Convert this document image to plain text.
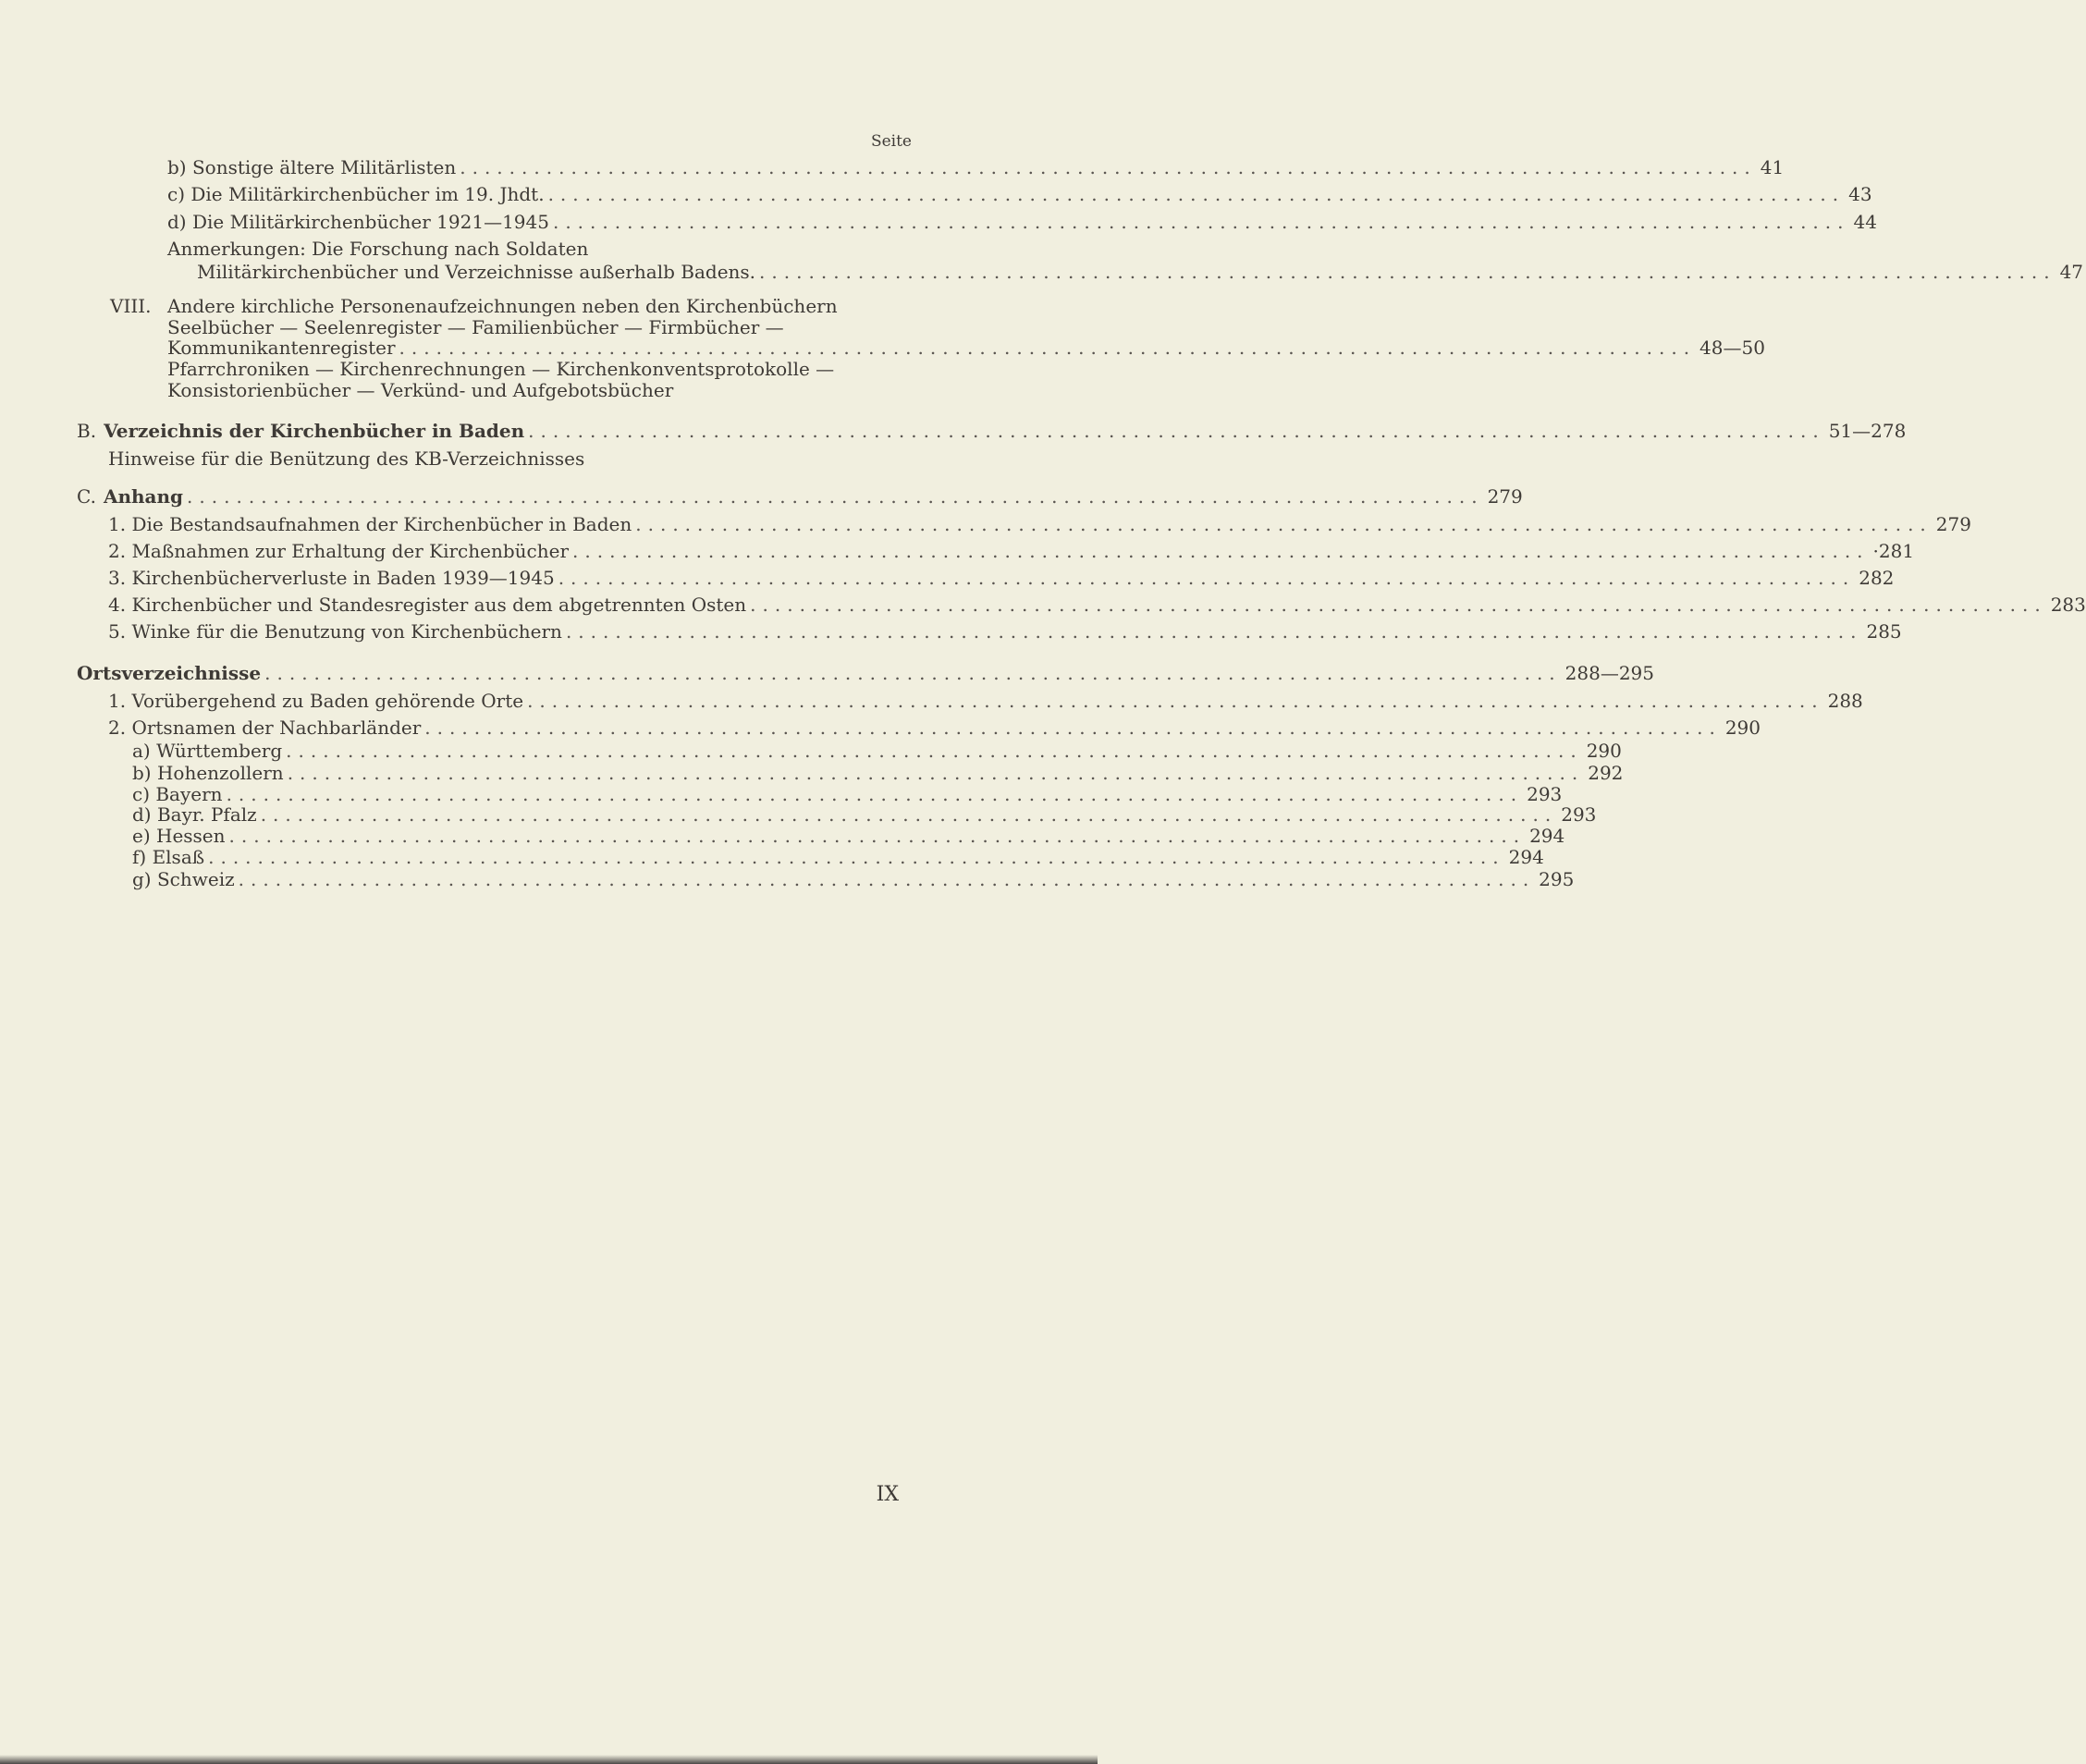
Seite
b) Sonstige ältere Militärlisten ......................................................................................................... 41
c) Die Militärkirchenbücher im 19. Jhdt. ......................................................................................................... 43
d) Die Militärkirchenbücher 1921—1945 ......................................................................................................... 44
Anmerkungen: Die Forschung nach Soldaten
Militärkirchenbücher und Verzeichnisse außerhalb Badens. ......................................................................................................... 47
VIII. Andere kirchliche Personenaufzeichnungen neben den Kirchenbüchern
Seelbücher — Seelenregister — Familienbücher — Firmbücher —
Kommunikantenregister ......................................................................................................... 48—50
Pfarrchroniken — Kirchenrechnungen — Kirchenkonventsprotokolle —
Konsistorienbücher — Verkünd- und Aufgebotsbücher
B. Verzeichnis der Kirchenbücher in Baden ......................................................................................................... 51—278
Hinweise für die Benützung des KB-Verzeichnisses
C. Anhang ......................................................................................................... 279
1. Die Bestandsaufnahmen der Kirchenbücher in Baden ......................................................................................................... 279
2. Maßnahmen zur Erhaltung der Kirchenbücher ......................................................................................................... ·281
3. Kirchenbücherverluste in Baden 1939—1945 ......................................................................................................... 282
4. Kirchenbücher und Standesregister aus dem abgetrennten Osten ......................................................................................................... 283
5. Winke für die Benutzung von Kirchenbüchern ......................................................................................................... 285
Ortsverzeichnisse ......................................................................................................... 288—295
1. Vorübergehend zu Baden gehörende Orte ......................................................................................................... 288
2. Ortsnamen der Nachbarländer ......................................................................................................... 290
a) Württemberg ......................................................................................................... 290
b) Hohenzollern ......................................................................................................... 292
c) Bayern ......................................................................................................... 293
d) Bayr. Pfalz ......................................................................................................... 293
e) Hessen ......................................................................................................... 294
f) Elsaß ......................................................................................................... 294
g) Schweiz ......................................................................................................... 295
IX
